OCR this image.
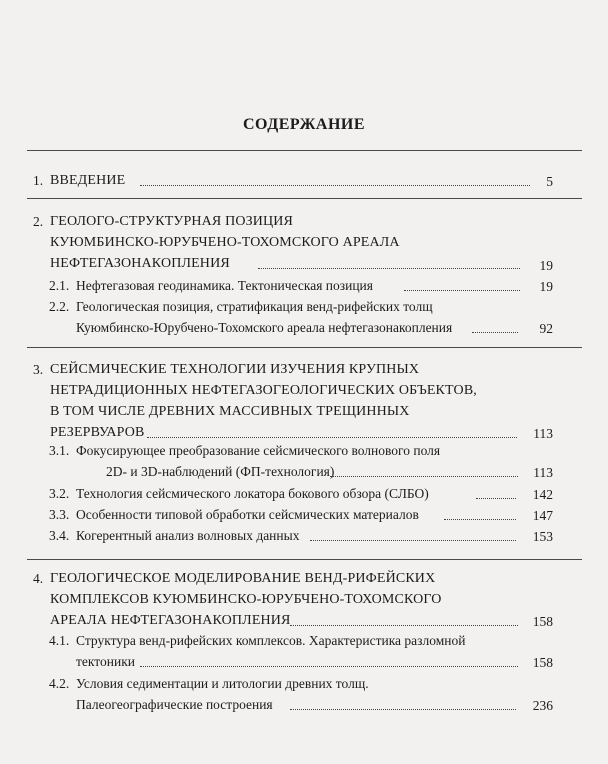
СОДЕРЖАНИЕ
1. ВВЕДЕНИЕ	5
2. ГЕОЛОГО-СТРУКТУРНАЯ ПОЗИЦИЯ
КУЮМБИНСКО-ЮРУБЧЕНО-ТОХОМСКОГО АРЕАЛА
НЕФТЕГАЗОНАКОПЛЕНИЯ	19
2.1. Нефтегазовая геодинамика. Тектоническая позиция	19
2.2. Геологическая позиция, стратификация венд-рифейских толщ
Куюмбинско-Юрубчено-Тохомского ареала нефтегазонакопления	92
3. СЕЙСМИЧЕСКИЕ ТЕХНОЛОГИИ ИЗУЧЕНИЯ КРУПНЫХ
НЕТРАДИЦИОННЫХ НЕФТЕГАЗОГЕОЛОГИЧЕСКИХ ОБЪЕКТОВ,
В ТОМ ЧИСЛЕ ДРЕВНИХ МАССИВНЫХ ТРЕЩИННЫХ
РЕЗЕРВУАРОВ	113
3.1. Фокусирующее преобразование сейсмического волнового поля
2D- и 3D-наблюдений (ФП-технология)	113
3.2. Технология сейсмического локатора бокового обзора (СЛБО)	142
3.3. Особенности типовой обработки сейсмических материалов	147
3.4. Когерентный анализ волновых данных	153
4. ГЕОЛОГИЧЕСКОЕ МОДЕЛИРОВАНИЕ ВЕНД-РИФЕЙСКИХ
КОМПЛЕКСОВ КУЮМБИНСКО-ЮРУБЧЕНО-ТОХОМСКОГО
АРЕАЛА НЕФТЕГАЗОНАКОПЛЕНИЯ	158
4.1. Структура венд-рифейских комплексов. Характеристика разломной
тектоники	158
4.2. Условия седиментации и литологии древних толщ.
Палеогеографические построения	236
